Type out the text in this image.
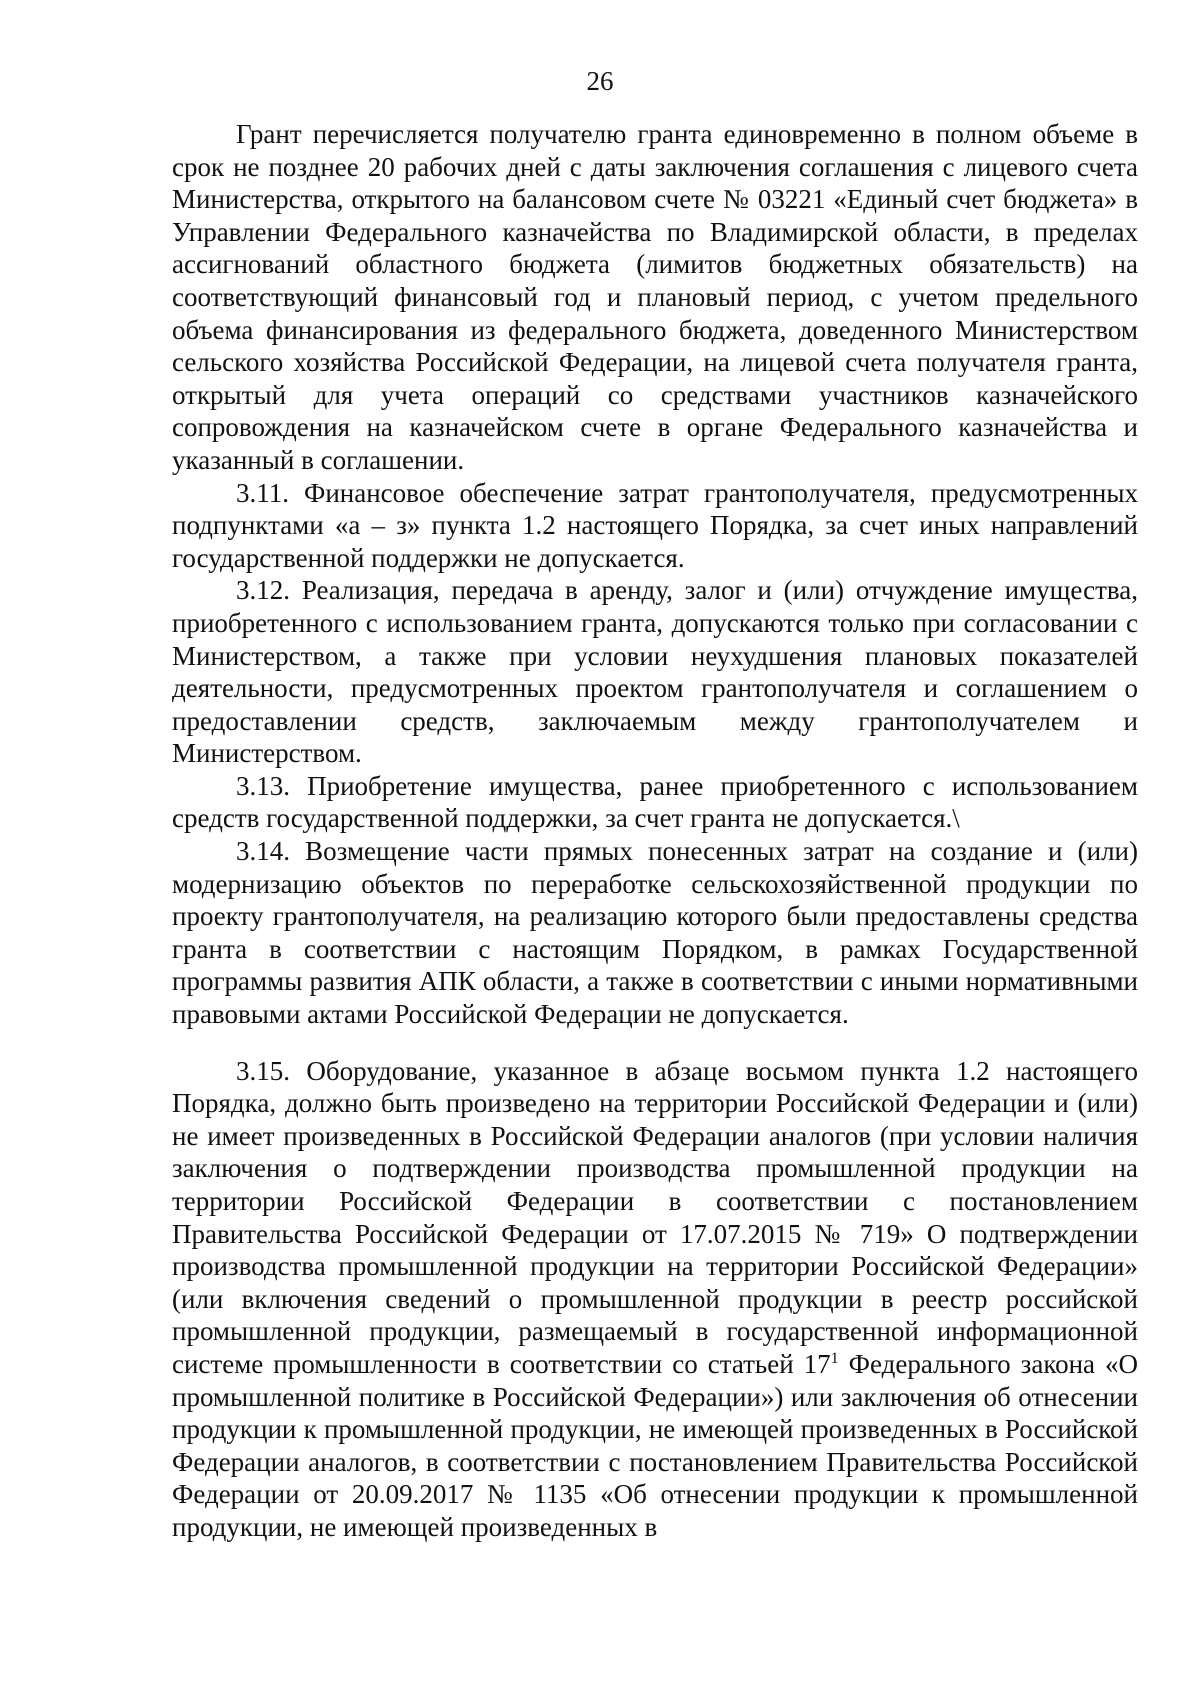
26

Грант перечисляется получателю гранта единовременно в полном объеме в срок не позднее 20 рабочих дней с даты заключения соглашения с лицевого счета Министерства, открытого на балансовом счете № 03221 «Единый счет бюджета» в Управлении Федерального казначейства по Владимирской области, в пределах ассигнований областного бюджета (лимитов бюджетных обязательств) на соответствующий финансовый год и плановый период, с учетом предельного объема финансирования из федерального бюджета, доведенного Министерством сельского хозяйства Российской Федерации, на лицевой счета получателя гранта, открытый для учета операций со средствами участников казначейского сопровождения на казначейском счете в органе Федерального казначейства и указанный в соглашении.

3.11. Финансовое обеспечение затрат грантополучателя, предусмотренных подпунктами «а – з» пункта 1.2 настоящего Порядка, за счет иных направлений государственной поддержки не допускается.

3.12. Реализация, передача в аренду, залог и (или) отчуждение имущества, приобретенного с использованием гранта, допускаются только при согласовании с Министерством, а также при условии неухудшения плановых показателей деятельности, предусмотренных проектом грантополучателя и соглашением о предоставлении средств, заключаемым между грантополучателем и Министерством.

3.13. Приобретение имущества, ранее приобретенного с использованием средств государственной поддержки, за счет гранта не допускается.\

3.14. Возмещение части прямых понесенных затрат на создание и (или) модернизацию объектов по переработке сельскохозяйственной продукции по проекту грантополучателя, на реализацию которого были предоставлены средства гранта в соответствии с настоящим Порядком, в рамках Государственной программы развития АПК области, а также в соответствии с иными нормативными правовыми актами Российской Федерации не допускается.

3.15. Оборудование, указанное в абзаце восьмом пункта 1.2 настоящего Порядка, должно быть произведено на территории Российской Федерации и (или) не имеет произведенных в Российской Федерации аналогов (при условии наличия заключения о подтверждении производства промышленной продукции на территории Российской Федерации в соответствии с постановлением Правительства Российской Федерации от 17.07.2015 № 719» О подтверждении производства промышленной продукции на территории Российской Федерации» (или включения сведений о промышленной продукции в реестр российской промышленной продукции, размещаемый в государственной информационной системе промышленности в соответствии со статьей $17^1$ Федерального закона «О промышленной политике в Российской Федерации») или заключения об отнесении продукции к промышленной продукции, не имеющей произведенных в Российской Федерации аналогов, в соответствии с постановлением Правительства Российской Федерации от 20.09.2017 № 1135 «Об отнесении продукции к промышленной продукции, не имеющей произведенных в
